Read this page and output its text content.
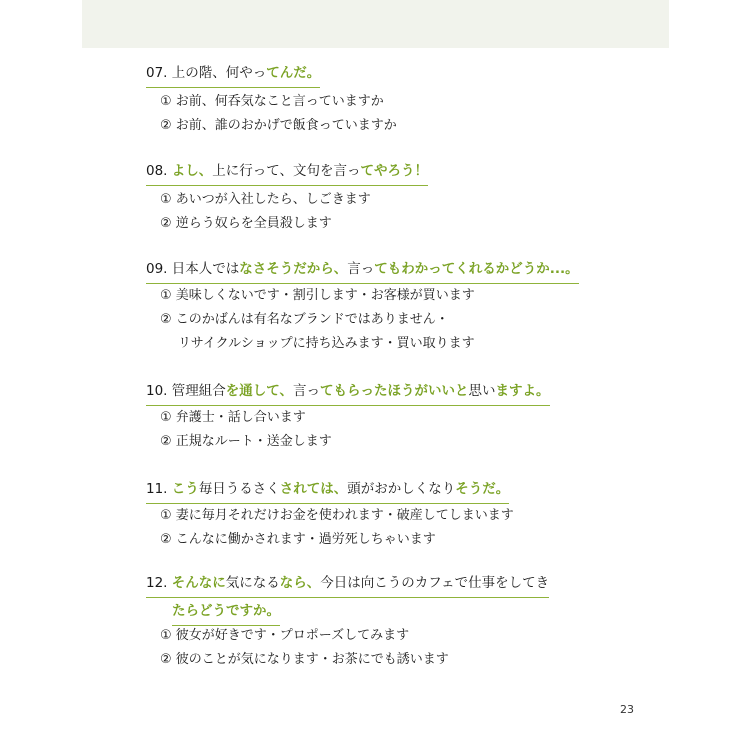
07. 上の階、何やってんだ。
① お前、何呑気なこと言っていますか
② お前、誰のおかげで飯食っていますか
08. よし、上に行って、文句を言ってやろう！
① あいつが入社したら、しごきます
② 逆らう奴らを全員殺します
09. 日本人ではなさそうだから、言ってもわかってくれるかどうか...。
① 美味しくないです・割引します・お客様が買います
② このかばんは有名なブランドではありません・
リサイクルショップに持ち込みます・買い取ります
10. 管理組合を通して、言ってもらったほうがいいと思いますよ。
① 弁護士・話し合います
② 正規なルート・送金します
11. こう毎日うるさくされては、頭がおかしくなりそうだ。
① 妻に毎月それだけお金を使われます・破産してしまいます
② こんなに働かされます・過労死しちゃいます
12. そんなに気になるなら、今日は向こうのカフェで仕事をしてき
たらどうですか。
① 彼女が好きです・プロポーズしてみます
② 彼のことが気になります・お茶にでも誘います
23
